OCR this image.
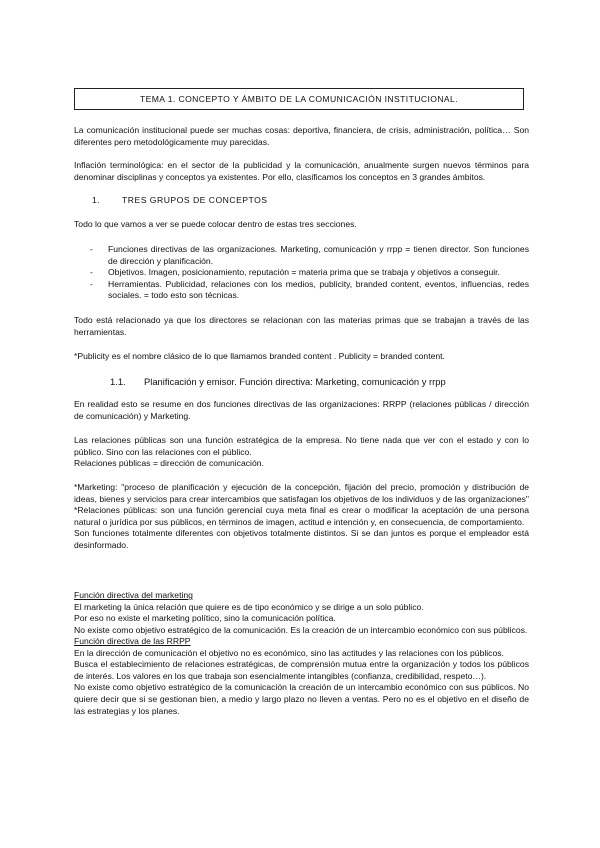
TEMA 1. CONCEPTO Y ÁMBITO DE LA COMUNICACIÓN INSTITUCIONAL.
La comunicación institucional puede ser muchas cosas: deportiva, financiera, de crisis, administración, política… Son diferentes pero metodológicamente muy parecidas.
Inflación terminológica: en el sector de la publicidad y la comunicación, anualmente surgen nuevos términos para denominar disciplinas y conceptos ya existentes. Por ello, clasificamos los conceptos en 3 grandes ámbitos.
1.	TRES GRUPOS DE CONCEPTOS
Todo lo que vamos a ver se puede colocar dentro de estas tres secciones.
- Funciones directivas de las organizaciones. Marketing, comunicación y rrpp = tienen director. Son funciones de dirección y planificación.
- Objetivos. Imagen, posicionamiento, reputación = materia prima que se trabaja y objetivos a conseguir.
- Herramientas. Publicidad, relaciones con los medios, publicity, branded content, eventos, influencias, redes sociales. = todo esto son técnicas.
Todo está relacionado ya que los directores se relacionan con las materias primas que se trabajan a través de las herramientas.
*Publicity es el nombre clásico de lo que llamamos branded content . Publicity = branded content.
1.1. Planificación y emisor. Función directiva: Marketing, comunicación y rrpp
En realidad esto se resume en dos funciones directivas de las organizaciones: RRPP (relaciones públicas / dirección de comunicación) y Marketing.

Las relaciones públicas son una función estratégica de la empresa. No tiene nada que ver con el estado y con lo público. Sino con las relaciones con el público.

Relaciones públicas = dirección de comunicación.

*Marketing: "proceso de planificación y ejecución de la concepción, fijación del precio, promoción y distribución de ideas, bienes y servicios para crear intercambios que satisfagan los objetivos de los individuos y de las organizaciones"

*Relaciones públicas: son una función gerencial cuya meta final es crear o modificar la aceptación de una persona natural o jurídica por sus públicos, en términos de imagen, actitud e intención y, en consecuencia, de comportamiento.

Son funciones totalmente diferentes con objetivos totalmente distintos. Si se dan juntos es porque el empleador está desinformado.

Función directiva del marketing

El marketing la única relación que quiere es de tipo económico y se dirige a un solo público.

Por eso no existe el marketing político, sino la comunicación política.

No existe como objetivo estratégico de la comunicación. Es la creación de un intercambio económico con sus públicos.

Función directiva de las RRPP

En la dirección de comunicación el objetivo no es económico, sino las actitudes y las relaciones con los públicos.

Busca el establecimiento de relaciones estratégicas, de comprensión mutua entre la organización y todos los públicos de interés. Los valores en los que trabaja son esencialmente intangibles (confianza, credibilidad, respeto…).

No existe como objetivo estratégico de la comunicación la creación de un intercambio económico con sus públicos. No quiere decir que si se gestionan bien, a medio y largo plazo no lleven a ventas. Pero no es el objetivo en el diseño de las estrategias y los planes.
